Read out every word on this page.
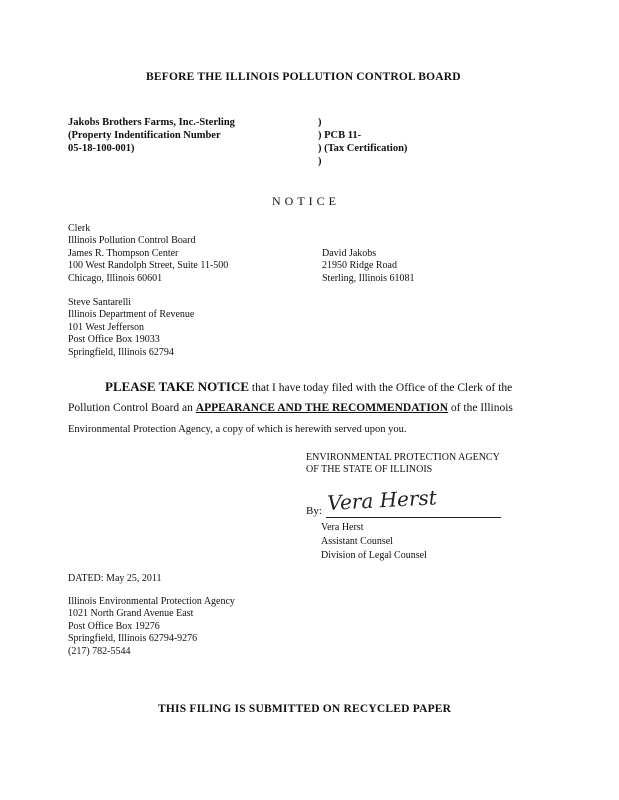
BEFORE THE ILLINOIS POLLUTION CONTROL BOARD
Jakobs Brothers Farms, Inc.-Sterling
(Property Indentification Number
05-18-100-001)
)
) PCB 11-
) (Tax Certification)
)
NOTICE
Clerk
Illinois Pollution Control Board
James R. Thompson Center
100 West Randolph Street, Suite 11-500
Chicago, Illinois 60601
David Jakobs
21950 Ridge Road
Sterling, Illinois 61081
Steve Santarelli
Illinois Department of Revenue
101 West Jefferson
Post Office Box 19033
Springfield, Illinois 62794
PLEASE TAKE NOTICE that I have today filed with the Office of the Clerk of the
Pollution Control Board an APPEARANCE AND THE RECOMMENDATION of the Illinois
Environmental Protection Agency, a copy of which is herewith served upon you.
ENVIRONMENTAL PROTECTION AGENCY
OF THE STATE OF ILLINOIS
By: Vera Herst
Vera Herst
Assistant Counsel
Division of Legal Counsel
DATED: May 25, 2011
Illinois Environmental Protection Agency
1021 North Grand Avenue East
Post Office Box 19276
Springfield, Illinois 62794-9276
(217) 782-5544
THIS FILING IS SUBMITTED ON RECYCLED PAPER
